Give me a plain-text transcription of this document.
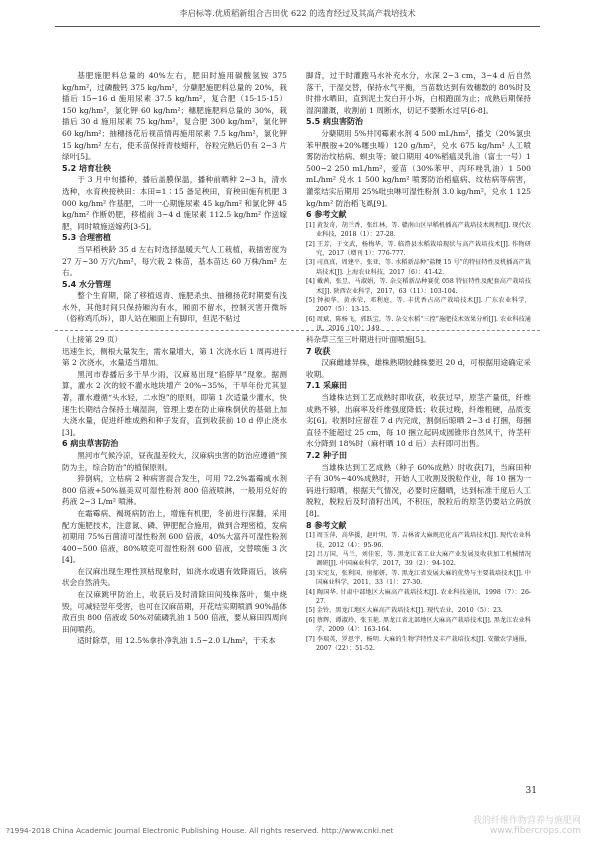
李启标等.优质稻新组合吉田优 622 的选育经过及其高产栽培技术

基肥施肥料总量的 40%左右，肥田时施用碳酸氢铵 375 kg/hm²，过磷酸钙 375 kg/hm²，分蘖肥施肥料总量的 20%，栽插后 15~16 d 施用尿素 37.5 kg/hm²，复合肥（15-15-15）150 kg/hm²，氯化钾 60 kg/hm²；穗肥施肥料总量的 30%，栽插后 30 d 施用尿素 75 kg/hm²，复合肥 300 kg/hm²，氯化钾 60 kg/hm²；抽穗扬花后视苗情再施用尿素 7.5 kg/hm²，氯化钾 15 kg/hm² 左右，使禾苗保持青枝蜡秆，谷粒完熟后仍有 2~3 片绿叶[5]。

5.2 培育壮秧

于 3 月中旬播种，播后盖膜保温，播种前晒种 2~3 h，清水选种，水育秧接秧田：本田=1∶15 备足秧田，育秧田施有机肥 3 000 kg/hm² 作基肥，二叶一心期施尿素 45 kg/hm² 和氯化钾 45 kg/hm² 作断奶肥，移植前 3~4 d 施尿素 112.5 kg/hm² 作送嫁肥，同时喷施送嫁药[3-5]。

5.3 合理密植

当早稻秧龄 35 d 左右时选择温暖天气人工栽植，栽插密度为 27 万~30 万穴/hm²，每穴栽 2 株苗，基本苗达 60 万株/hm² 左右。

5.4 水分管理

整个生育期，除了移植返青、施肥杀虫、抽穗扬花时期要有浅水外，其他时间只保持厢沟有水，厢面不留水，控制灭害开微坼（俗称鸡爪坼），即人站在厢面上有脚印，但泥不粘过

脚背，过干时灌跑马水补充水分，水深 2~3 cm，3~4 d 后自然落干，干湿交替，保持水气平衡，当苗数达到有效穗数的 80%时及时排水晒田，直到泥土发白开小坼，白根跑面为止；成熟后期保持湿润灌溉，收割前 1 周断水，切记不要断水过早[6-8]。

5.5 病虫害防治

分蘖期用 5%井冈霉素水剂 4 500 mL/hm²，播戈（20%氯虫苯甲酰胺+20%噻虫嗪）120 g/hm²，兑水 675 kg/hm² 人工喷雾防治纹枯病、螟虫等；破口期用 40%稻瘟灵乳油（富士一号）1 500~2 250 mL/hm²，爱苗（30%苯甲、丙环唑乳油）1 500 mL/hm² 兑水 1 500 kg/hm² 喷雾防治稻瘟病、纹枯病等病害，灌浆结实后期用 25%吡虫啉可湿性粉剂 3.0 kg/hm²，兑水 1 125 kg/hm² 防治稻飞虱[9]。

6 参考文献

[1] 黄发奇，胡兰香，张红林，等. 赣南山区早稻机插高产栽培技术规程[J]. 现代农业科技，2018（1）：27-28.
[2] 王芳，于文武，杨梅华，等. 临澧县水稻栽培现状与高产栽培技术[J]. 作物研究，2017（增刊 1）：776-777.
[3] 司真真，周建平，张亚，等. 水稻新品种“盐粳 15 号”的特征特性及机插高产栽培技术[J]. 上海农业科技，2017（6）：41-42.
[4] 戴茜，张昱，马淑娟，等. 杂交稻新品种赛优 058 特征特性及配套高产栽培技术[J]. 陕西农业科学，2017，63（11）：103-104.
[5] 钟昶华，黄承荣，邓利庭，等. 丰优香占高产栽培技术[J]. 广东农业科学，2007（5）：13-15.
[6] 周斌，陈杨飞，郭跃宝，等. 杂交水稻“三控”施肥技术效果分析[J]. 农业科技通讯，2016（10）：149.

（上接第 29 页）

迅速生长，侧根大量发生，需水量增大，第 1 次浇水后 1 周再进行第 2 次浇水，水量适当增加。

黑河市春播后多干旱少雨，汉麻易出现“掐脖旱”现象。据测算，灌水 2 次的较不灌水地块增产 20%~35%，干旱年份尤其显著，灌水遵循“头水轻，二水饱”的原则，即第 1 次适量少灌水，快速生长期结合保持土壤湿润，管理上要在防止麻株倒伏的基础上加大浇水量，促进纤维成熟和种子发育，直到收获前 10 d 停止浇水[3]。

6 病虫草害防治

黑河市气候冷凉，昼夜温差较大，汉麻病虫害的防治应遵循“预防为主，综合防治”的植保原则。

猝倒病，立枯病 2 种病害混合发生，可用 72.2%霜霉威水剂 800 倍液+50%福美双可湿性粉剂 800 倍液喷淋，一般用兑好的药液 2~3 L/m² 喷淋。

在霜霉病、褐斑病防治上，增施有机肥，冬前进行深翻，采用配方施肥技术，注意氮、磷、钾肥配合施用，做到合理密植，发病初期用 75%百菌清可湿性粉剂 600 倍液，40%大富丹可湿性粉剂 400~500 倍液，80%喷克可湿性粉剂 600 倍液，交替喷施 3 次[4]。

在汉麻出现生理性顶枯现象时，如浇水或遇有效降雨后，该病状会自然消失。

在汉麻跳甲防治上，收获后及时清除田间残株落叶，集中烧毁，可减轻翌年受害，也可在汉麻苗期，开花结实期喷洒 90%晶体敌百虫 800 倍液或 50%对硫磷乳油 1 500 倍液，要从麻田四周向田间喷药。

适时除草，用 12.5%拿扑净乳油 1.5~2.0 L/hm²，于禾本

科杂草三至三叶期进行叶面喷施[5]。

7 收获

汉麻雌雄异株，雄株熟期较雌株要迟 20 d，可根据用途确定采收期。

7.1 采麻田

当雄株达到工艺成熟时即收获，收获过早，原茎产量低，纤维成熟不够，出麻率及纤维强度降低；收获过晚，纤维粗硬，品质变劣[6]。收割时应留茬 7 d 内完成，割倒后晾晒 2~3 d 打捆，每捆直径不能超过 25 cm，每 10 捆立起码成圆锥形自然风干，待茎秆水分降到 18%时（麻杆晒 10 d 后）去秆即可出售。

7.2 种子田

当雄株达到工艺成熟（种子 60%成熟）时收获[7]，当麻田种子有 30%~40%成熟时，开始人工收割及脱粒作业，每 10 捆为一码进行晾晒，根据天气情况，必要时应翻晒，达到标准干度后人工脱粒，脱粒后及时清籽出风，不积压，脱粒后的原茎仍要站立码放[8]。

8 参考文献

[1] 周玉萍，高华援，赵叶明，等. 吉林省大麻规范化高产栽培技术[J]. 现代农业科技，2012（4）：95-96.
[2] 吕万国，马兰，刘佳宏，等. 黑龙江省工业大麻产业发展及收获加工机械情况调研[J]. 中国麻业科学，2017，39（2）：94-102.
[3] 宋宪友，张利国，房郁妍，等. 黑龙江省发展大麻的优势与主要栽培技术[J]. 中国麻业科学，2011，33（1）：27-30.
[4] 陶国华. 甘肃中部地区大麻高产栽培技术[J]. 农业科技通讯，1998（7）：26-27.
[5] 金铃，黑龙江地区大麻高产栽培技术[J]. 现代农业，2010（5）：23.
[6] 蔡辉，谭淑玲，张玉艳. 黑龙江省北部地区大麻高产栽培技术[J]. 黑龙江农业科学，2009（4）：163-164.
[7] 李瑞英，罗思宇，杨明. 大麻的生物学特性及丰产栽培技术[J]. 安徽农学通报，2007（22）：51-52.
31
我的纤维作物营养与施肥网
www.fibercrops.com
?1994-2018 China Academic Journal Electronic Publishing House. All rights reserved. http://www.cnki.net
